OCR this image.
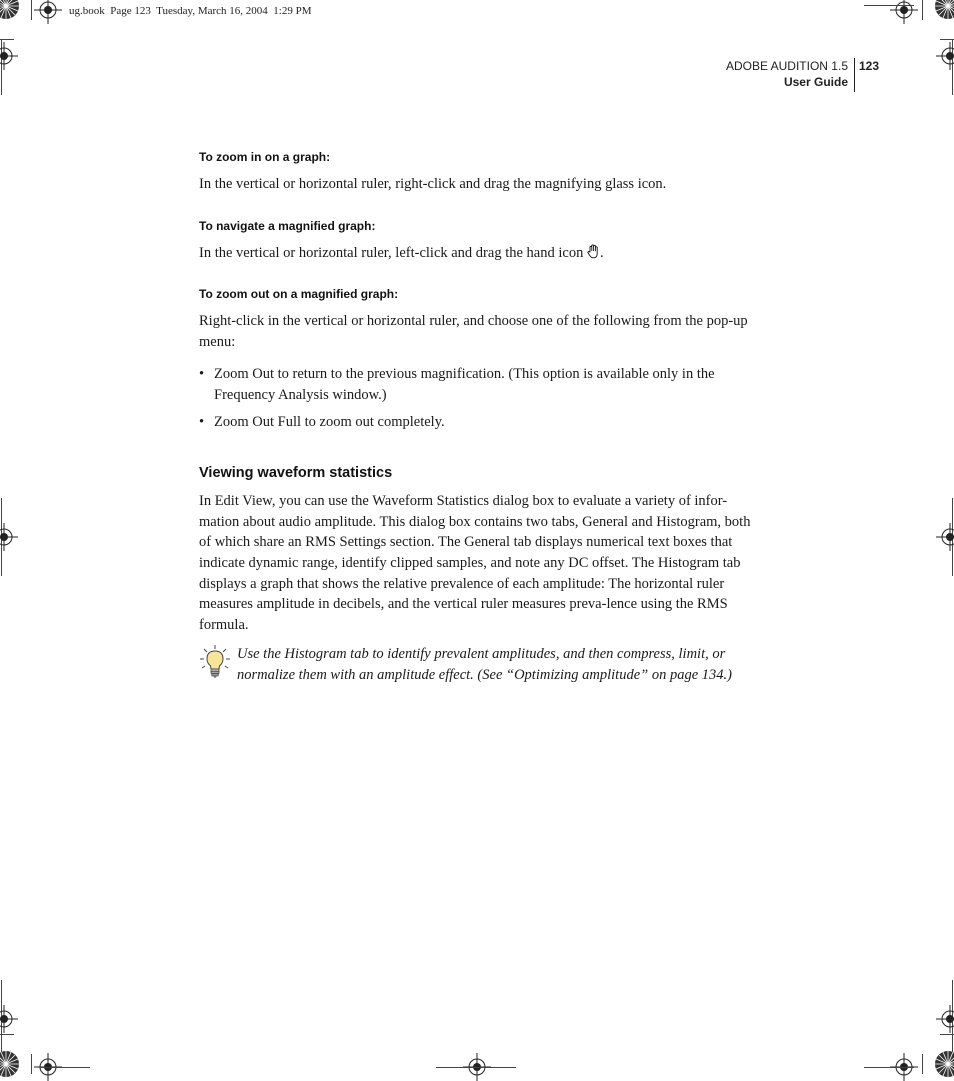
ug.book  Page 123  Tuesday, March 16, 2004  1:29 PM
ADOBE AUDITION 1.5
User Guide
123

To zoom in on a graph:

In the vertical or horizontal ruler, right-click and drag the magnifying glass icon.

To navigate a magnified graph:

In the vertical or horizontal ruler, left-click and drag the hand icon .

To zoom out on a magnified graph:

Right-click in the vertical or horizontal ruler, and choose one of the following from the pop-up menu:

• Zoom Out to return to the previous magnification. (This option is available only in the Frequency Analysis window.)
• Zoom Out Full to zoom out completely.
Viewing waveform statistics

In Edit View, you can use the Waveform Statistics dialog box to evaluate a variety of infor-mation about audio amplitude. This dialog box contains two tabs, General and Histogram, both of which share an RMS Settings section. The General tab displays numerical text boxes that indicate dynamic range, identify clipped samples, and note any DC offset. The Histogram tab displays a graph that shows the relative prevalence of each amplitude: The horizontal ruler measures amplitude in decibels, and the vertical ruler measures preva-lence using the RMS formula.

Use the Histogram tab to identify prevalent amplitudes, and then compress, limit, or normalize them with an amplitude effect. (See “Optimizing amplitude” on page 134.)
